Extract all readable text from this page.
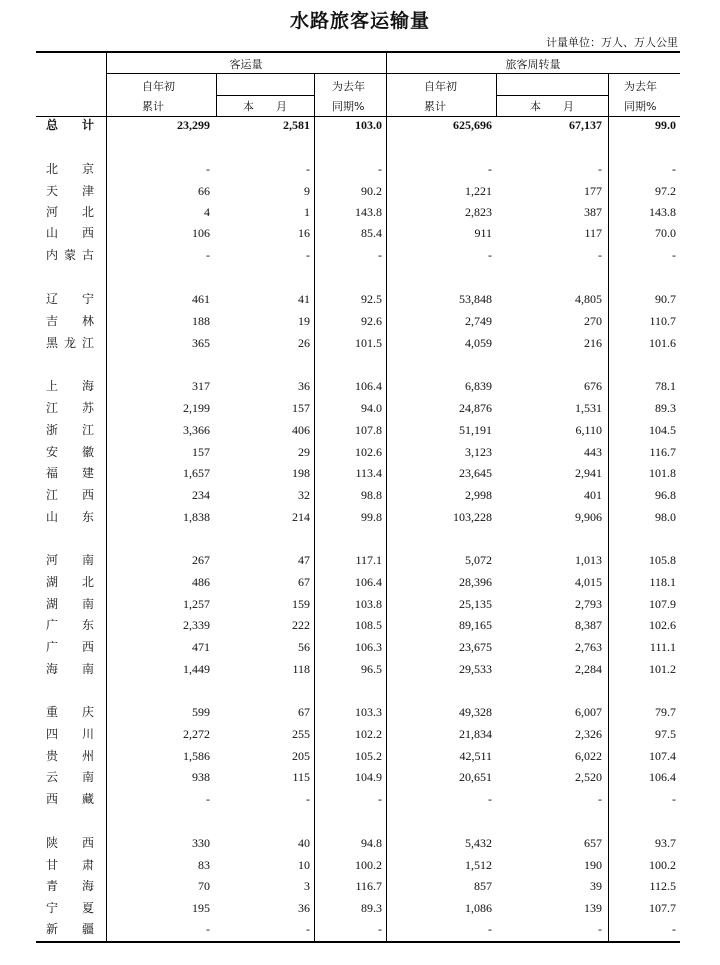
水路旅客运输量
计量单位：万人、万人公里
客运量	旅客周转量
自年初
累计	本　　月
为去年
同期%
自年初
累计	本　　月
为去年
同期%
总 计	23,299	2,581	103.0	625,696	67,137	99.0
北 京	-	-	-	-	-	-
天 津	66	9	90.2	1,221	177	97.2
河 北	4	1	143.8	2,823	387	143.8
山 西	106	16	85.4	911	117	70.0
内 蒙 古	-	-	-	-	-	-
辽 宁	461	41	92.5	53,848	4,805	90.7
吉 林	188	19	92.6	2,749	270	110.7
黑 龙 江	365	26	101.5	4,059	216	101.6
上 海	317	36	106.4	6,839	676	78.1
江 苏	2,199	157	94.0	24,876	1,531	89.3
浙 江	3,366	406	107.8	51,191	6,110	104.5
安 徽	157	29	102.6	3,123	443	116.7
福 建	1,657	198	113.4	23,645	2,941	101.8
江 西	234	32	98.8	2,998	401	96.8
山 东	1,838	214	99.8	103,228	9,906	98.0
河 南	267	47	117.1	5,072	1,013	105.8
湖 北	486	67	106.4	28,396	4,015	118.1
湖 南	1,257	159	103.8	25,135	2,793	107.9
广 东	2,339	222	108.5	89,165	8,387	102.6
广 西	471	56	106.3	23,675	2,763	111.1
海 南	1,449	118	96.5	29,533	2,284	101.2
重 庆	599	67	103.3	49,328	6,007	79.7
四 川	2,272	255	102.2	21,834	2,326	97.5
贵 州	1,586	205	105.2	42,511	6,022	107.4
云 南	938	115	104.9	20,651	2,520	106.4
西 藏	-	-	-	-	-	-
陕 西	330	40	94.8	5,432	657	93.7
甘 肃	83	10	100.2	1,512	190	100.2
青 海	70	3	116.7	857	39	112.5
宁 夏	195	36	89.3	1,086	139	107.7
新 疆	-	-	-	-	-	-
